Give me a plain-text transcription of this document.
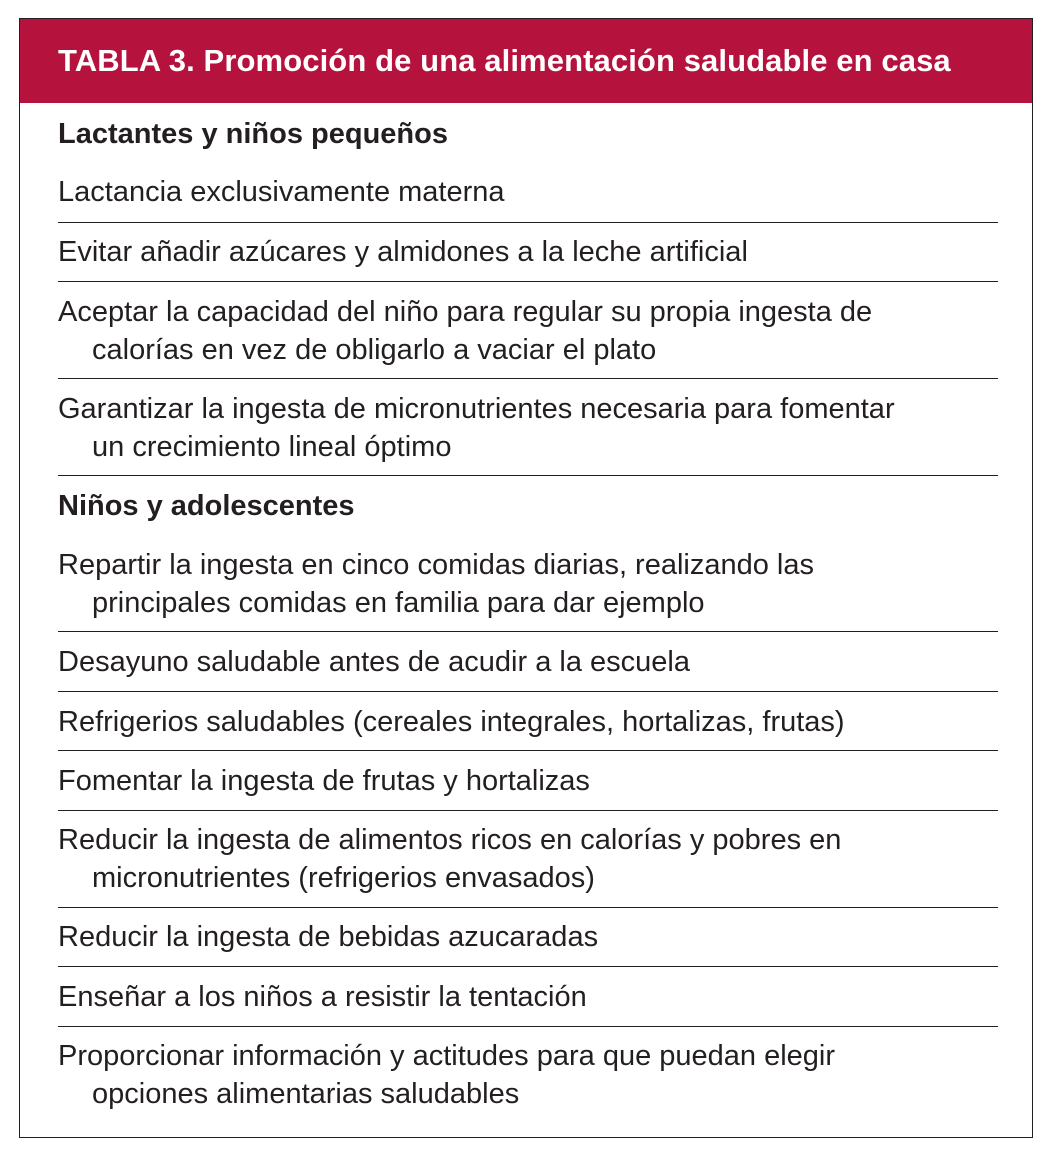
TABLA 3. Promoción de una alimentación saludable en casa
Lactantes y niños pequeños
Lactancia exclusivamente materna
Evitar añadir azúcares y almidones a la leche artificial
Aceptar la capacidad del niño para regular su propia ingesta de
calorías en vez de obligarlo a vaciar el plato
Garantizar la ingesta de micronutrientes necesaria para fomentar
un crecimiento lineal óptimo
Niños y adolescentes
Repartir la ingesta en cinco comidas diarias, realizando las
principales comidas en familia para dar ejemplo
Desayuno saludable antes de acudir a la escuela
Refrigerios saludables (cereales integrales, hortalizas, frutas)
Fomentar la ingesta de frutas y hortalizas
Reducir la ingesta de alimentos ricos en calorías y pobres en
micronutrientes (refrigerios envasados)
Reducir la ingesta de bebidas azucaradas
Enseñar a los niños a resistir la tentación
Proporcionar información y actitudes para que puedan elegir
opciones alimentarias saludables
